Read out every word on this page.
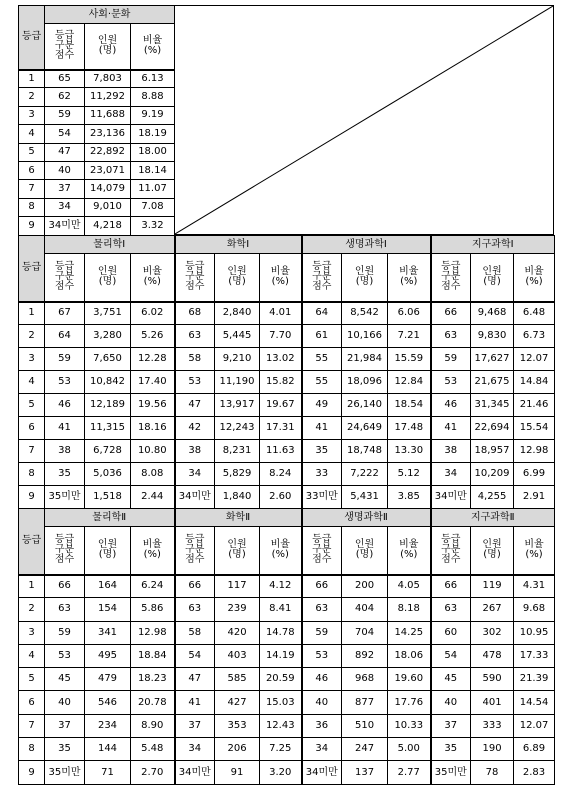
등급	사회·문화		
	등급
구분
점수	인원
(명)	비율
(%)
1	65	7,803	6.13
2	62	11,292	8.88
3	59	11,688	9.19
4	54	23,136	18.19
5	47	22,892	18.00
6	40	23,071	18.14
7	37	14,079	11.07
8	34	9,010	7.08
9	34미만	4,218	3.32
등급	물리학Ⅰ			화학Ⅰ			생명과학Ⅰ			지구과학Ⅰ		
	등급
구분
점수	인원
(명)	비율
(%)	등급
구분
점수	인원
(명)	비율
(%)	등급
구분
점수	인원
(명)	비율
(%)	등급
구분
점수	인원
(명)	비율
(%)
1	67	3,751	6.02	68	2,840	4.01	64	8,542	6.06	66	9,468	6.48
2	64	3,280	5.26	63	5,445	7.70	61	10,166	7.21	63	9,830	6.73
3	59	7,650	12.28	58	9,210	13.02	55	21,984	15.59	59	17,627	12.07
4	53	10,842	17.40	53	11,190	15.82	55	18,096	12.84	53	21,675	14.84
5	46	12,189	19.56	47	13,917	19.67	49	26,140	18.54	46	31,345	21.46
6	41	11,315	18.16	42	12,243	17.31	41	24,649	17.48	41	22,694	15.54
7	38	6,728	10.80	38	8,231	11.63	35	18,748	13.30	38	18,957	12.98
8	35	5,036	8.08	34	5,829	8.24	33	7,222	5.12	34	10,209	6.99
9	35미만	1,518	2.44	34미만	1,840	2.60	33미만	5,431	3.85	34미만	4,255	2.91
등급	물리학Ⅱ			화학Ⅱ			생명과학Ⅱ			지구과학Ⅱ		
	등급
구분
점수	인원
(명)	비율
(%)	등급
구분
점수	인원
(명)	비율
(%)	등급
구분
점수	인원
(명)	비율
(%)	등급
구분
점수	인원
(명)	비율
(%)
1	66	164	6.24	66	117	4.12	66	200	4.05	66	119	4.31
2	63	154	5.86	63	239	8.41	63	404	8.18	63	267	9.68
3	59	341	12.98	58	420	14.78	59	704	14.25	60	302	10.95
4	53	495	18.84	54	403	14.19	53	892	18.06	54	478	17.33
5	45	479	18.23	47	585	20.59	46	968	19.60	45	590	21.39
6	40	546	20.78	41	427	15.03	40	877	17.76	40	401	14.54
7	37	234	8.90	37	353	12.43	36	510	10.33	37	333	12.07
8	35	144	5.48	34	206	7.25	34	247	5.00	35	190	6.89
9	35미만	71	2.70	34미만	91	3.20	34미만	137	2.77	35미만	78	2.83
